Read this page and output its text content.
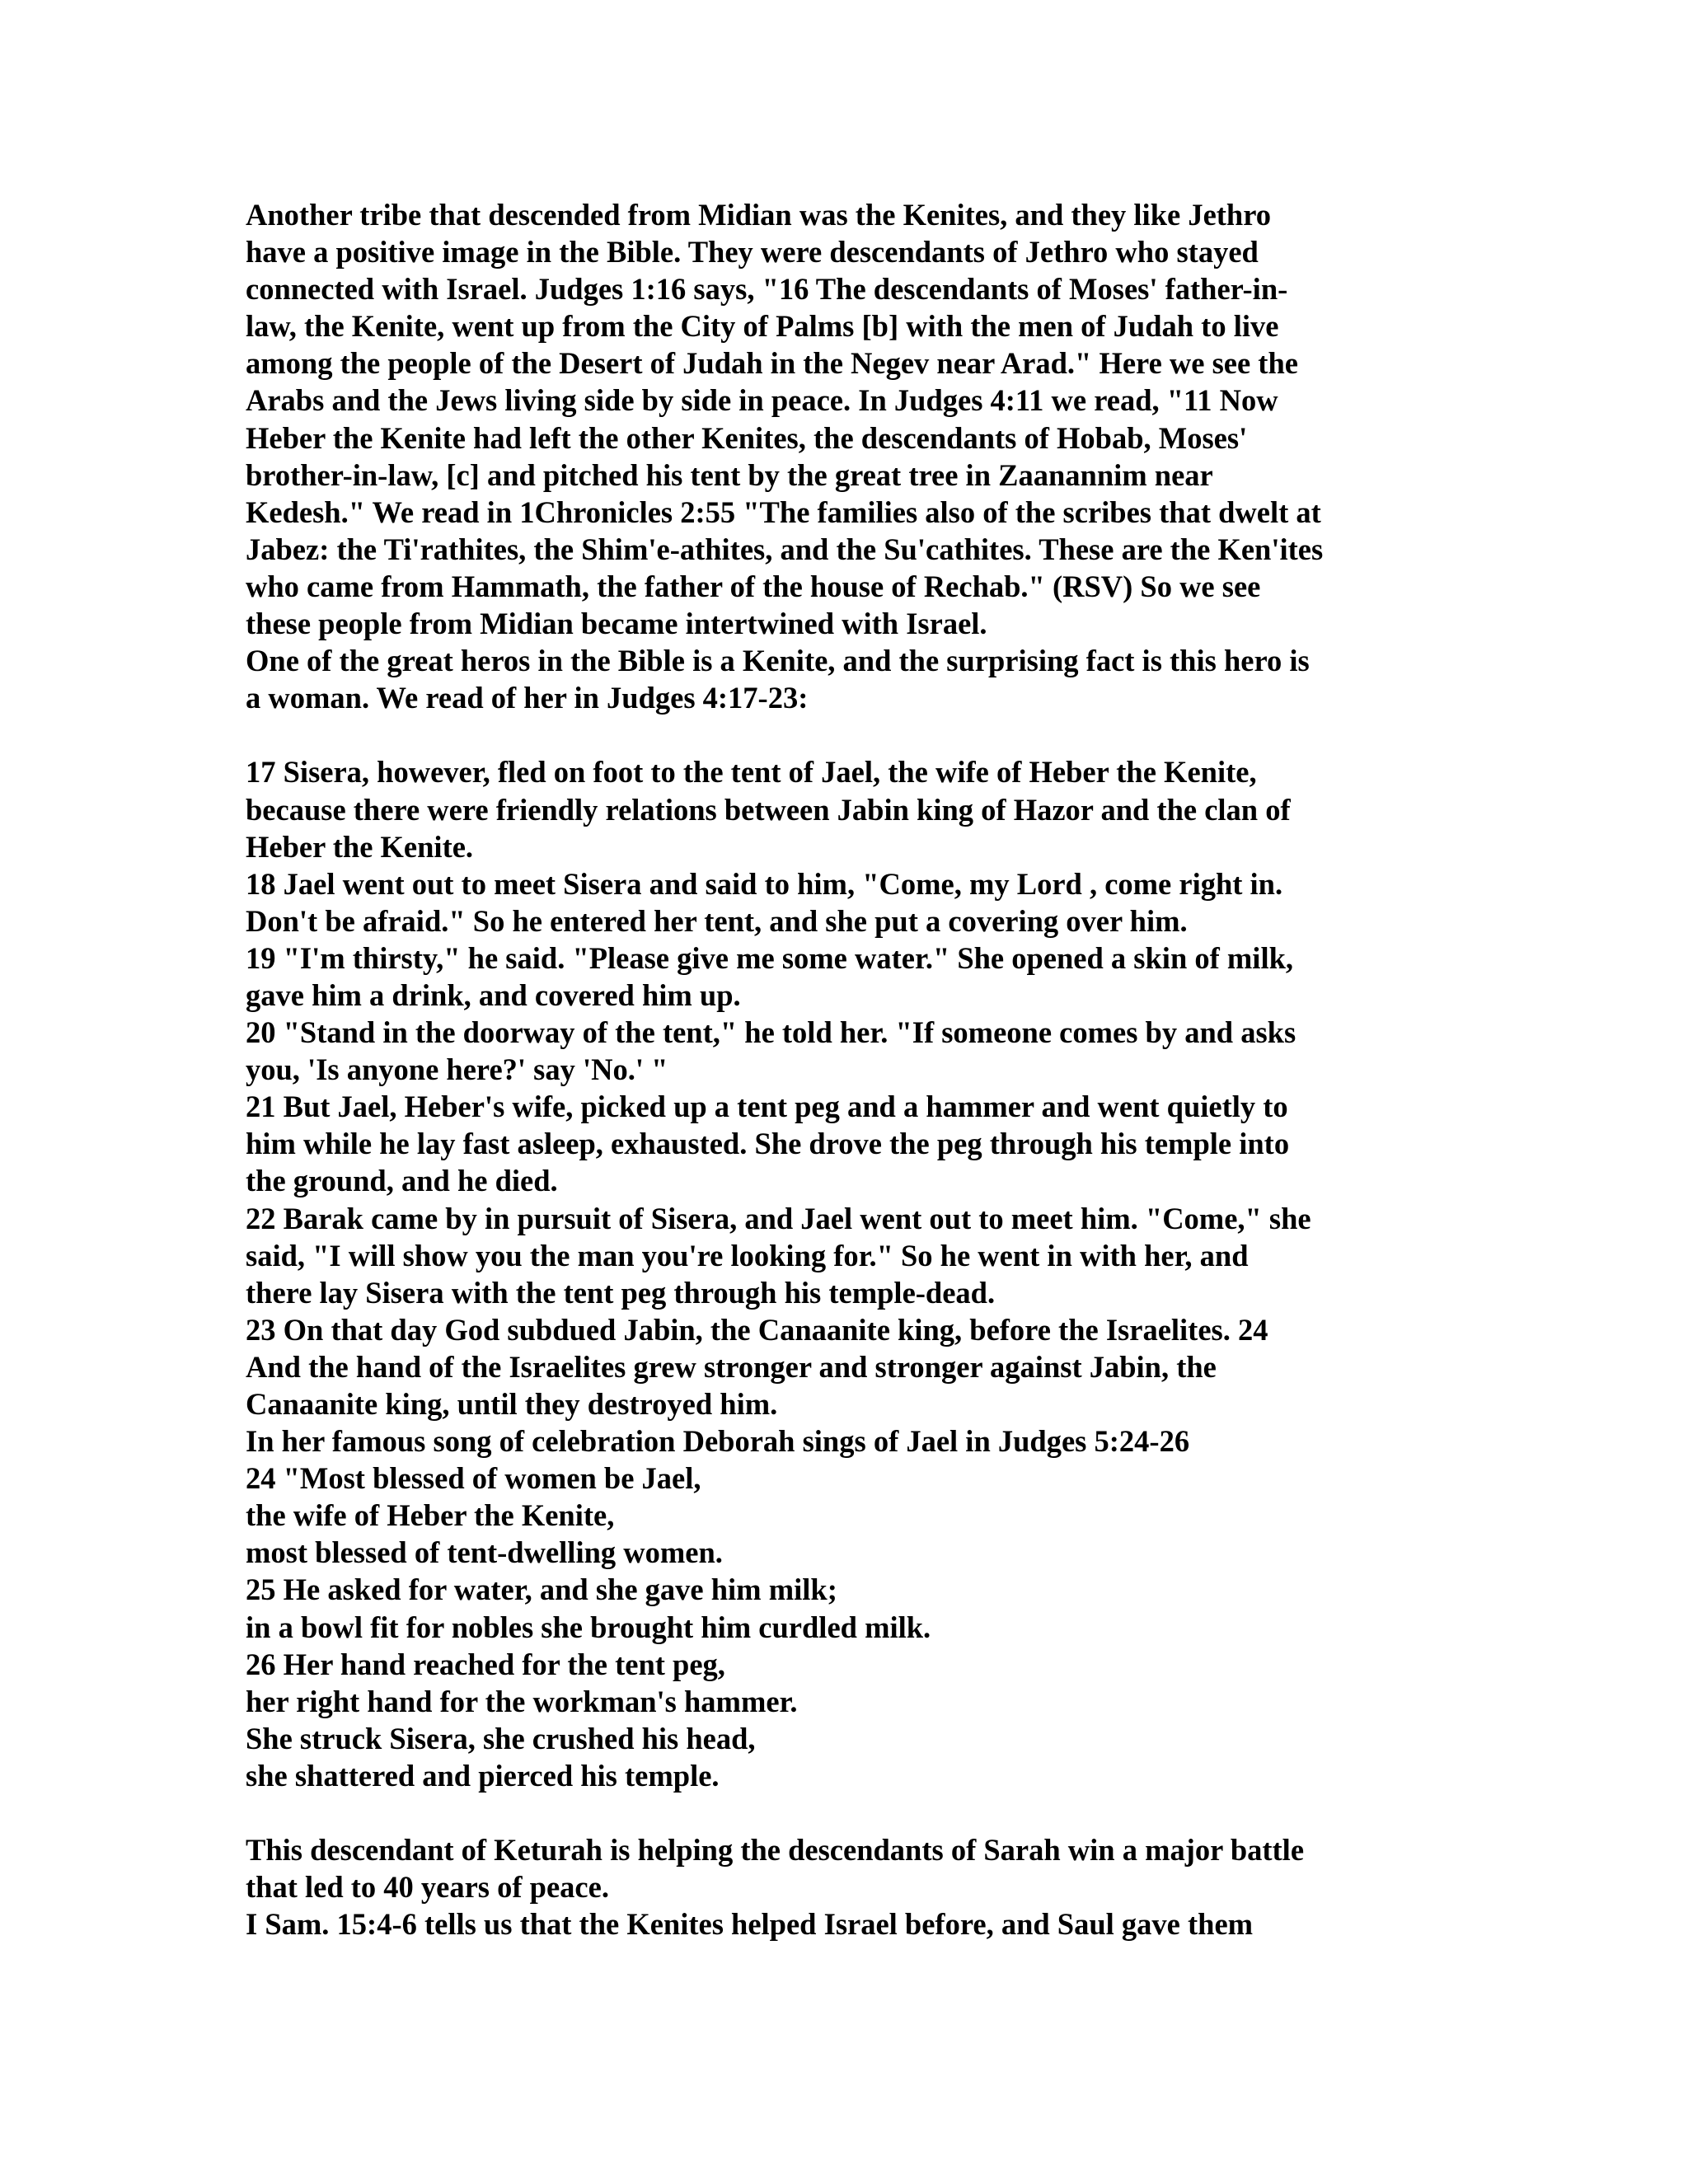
Another tribe that descended from Midian was the Kenites, and they like Jethro
have a positive image in the Bible. They were descendants of Jethro who stayed
connected with Israel. Judges 1:16 says, "16 The descendants of Moses' father-in-
law, the Kenite, went up from the City of Palms [b] with the men of Judah to live
among the people of the Desert of Judah in the Negev near Arad." Here we see the
Arabs and the Jews living side by side in peace. In Judges 4:11 we read, "11 Now
Heber the Kenite had left the other Kenites, the descendants of Hobab, Moses'
brother-in-law, [c] and pitched his tent by the great tree in Zaanannim near
Kedesh." We read in 1Chronicles 2:55 "The families also of the scribes that dwelt at
Jabez: the Ti'rathites, the Shim'e-athites, and the Su'cathites. These are the Ken'ites
who came from Hammath, the father of the house of Rechab." (RSV) So we see
these people from Midian became intertwined with Israel.
One of the great heros in the Bible is a Kenite, and the surprising fact is this hero is
a woman. We read of her in Judges 4:17-23:
17 Sisera, however, fled on foot to the tent of Jael, the wife of Heber the Kenite,
because there were friendly relations between Jabin king of Hazor and the clan of
Heber the Kenite.
18 Jael went out to meet Sisera and said to him, "Come, my Lord , come right in.
Don't be afraid." So he entered her tent, and she put a covering over him.
19 "I'm thirsty," he said. "Please give me some water." She opened a skin of milk,
gave him a drink, and covered him up.
20 "Stand in the doorway of the tent," he told her. "If someone comes by and asks
you, 'Is anyone here?' say 'No.' "
21 But Jael, Heber's wife, picked up a tent peg and a hammer and went quietly to
him while he lay fast asleep, exhausted. She drove the peg through his temple into
the ground, and he died.
22 Barak came by in pursuit of Sisera, and Jael went out to meet him. "Come," she
said, "I will show you the man you're looking for." So he went in with her, and
there lay Sisera with the tent peg through his temple-dead.
23 On that day God subdued Jabin, the Canaanite king, before the Israelites. 24
And the hand of the Israelites grew stronger and stronger against Jabin, the
Canaanite king, until they destroyed him.
In her famous song of celebration Deborah sings of Jael in Judges 5:24-26
24 "Most blessed of women be Jael,
the wife of Heber the Kenite,
most blessed of tent-dwelling women.
25 He asked for water, and she gave him milk;
in a bowl fit for nobles she brought him curdled milk.
26 Her hand reached for the tent peg,
her right hand for the workman's hammer.
She struck Sisera, she crushed his head,
she shattered and pierced his temple.
This descendant of Keturah is helping the descendants of Sarah win a major battle
that led to 40 years of peace.
I Sam. 15:4-6 tells us that the Kenites helped Israel before, and Saul gave them
